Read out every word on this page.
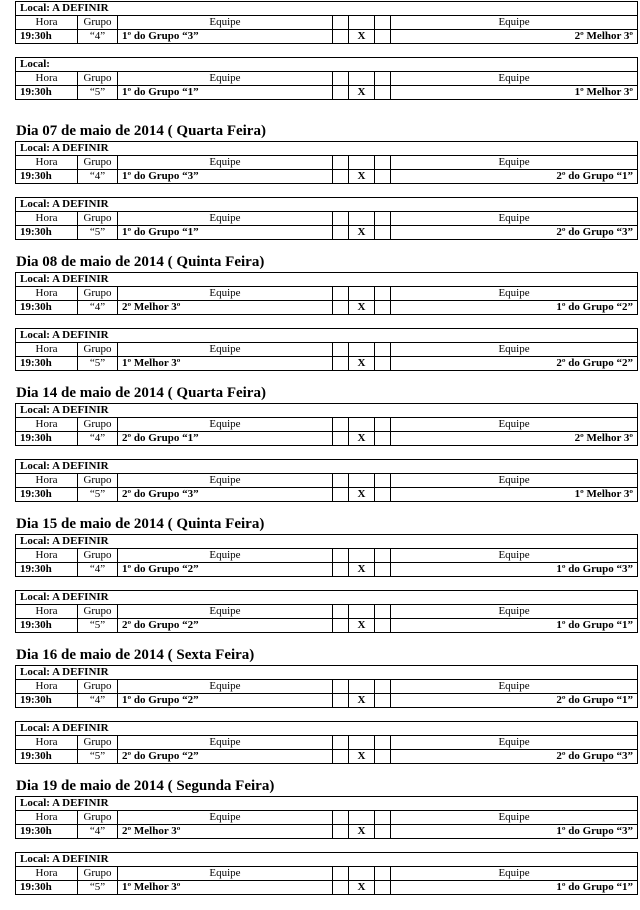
Local: A DEFINIR						
Hora	Grupo	Equipe				Equipe
19:30h	“4”	1º do Grupo “3”		X		2º Melhor 3º
Local:						
Hora	Grupo	Equipe				Equipe
19:30h	“5”	1º do Grupo “1”		X		1º Melhor 3º
Dia 07 de maio de 2014 ( Quarta Feira)
Local: A DEFINIR						
Hora	Grupo	Equipe				Equipe
19:30h	“4”	1º do Grupo “3”		X		2º do Grupo “1”
Local: A DEFINIR						
Hora	Grupo	Equipe				Equipe
19:30h	“5”	1º do Grupo “1”		X		2º do Grupo “3”
Dia 08 de maio de 2014 ( Quinta Feira)
Local: A DEFINIR						
Hora	Grupo	Equipe				Equipe
19:30h	“4”	2º Melhor 3º		X		1º do Grupo “2”
Local: A DEFINIR						
Hora	Grupo	Equipe				Equipe
19:30h	“5”	1º Melhor 3º		X		2º do Grupo “2”
Dia 14 de maio de 2014 ( Quarta Feira)
Local: A DEFINIR						
Hora	Grupo	Equipe				Equipe
19:30h	“4”	2º do Grupo “1”		X		2º Melhor 3º
Local: A DEFINIR						
Hora	Grupo	Equipe				Equipe
19:30h	“5”	2º do Grupo “3”		X		1º Melhor 3º
Dia 15 de maio de 2014 ( Quinta Feira)
Local: A DEFINIR						
Hora	Grupo	Equipe				Equipe
19:30h	“4”	1º do Grupo “2”		X		1º do Grupo “3”
Local: A DEFINIR						
Hora	Grupo	Equipe				Equipe
19:30h	“5”	2º do Grupo “2”		X		1º do Grupo “1”
Dia 16 de maio de 2014 ( Sexta Feira)
Local: A DEFINIR						
Hora	Grupo	Equipe				Equipe
19:30h	“4”	1º do Grupo “2”		X		2º do Grupo “1”
Local: A DEFINIR						
Hora	Grupo	Equipe				Equipe
19:30h	“5”	2º do Grupo “2”		X		2º do Grupo “3”
Dia 19 de maio de 2014 ( Segunda Feira)
Local: A DEFINIR						
Hora	Grupo	Equipe				Equipe
19:30h	“4”	2º Melhor 3º		X		1º do Grupo “3”
Local: A DEFINIR						
Hora	Grupo	Equipe				Equipe
19:30h	“5”	1º Melhor 3º		X		1º do Grupo “1”
